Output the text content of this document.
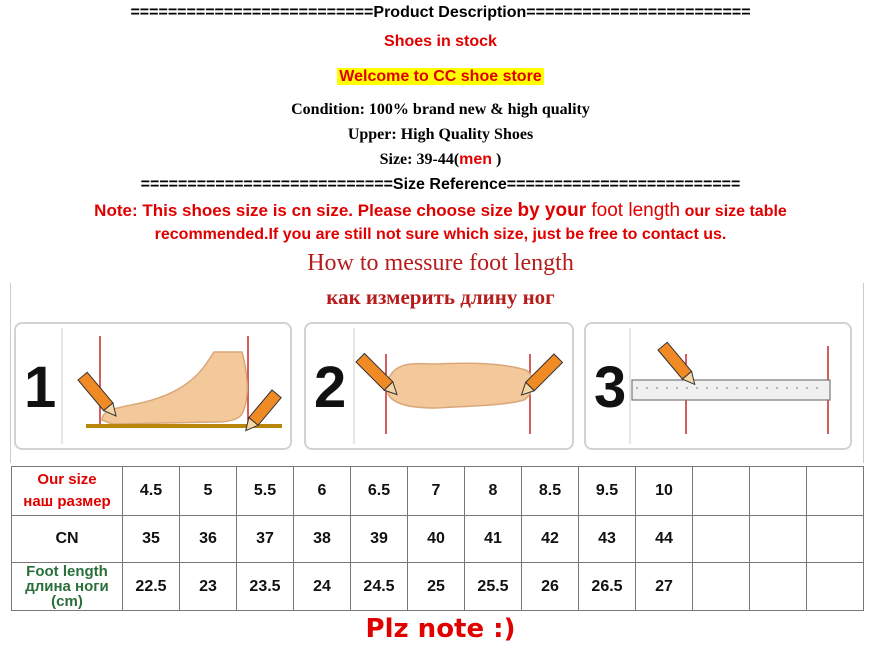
==========================Product Description========================
Shoes in stock
Welcome to CC shoe store
Condition: 100% brand new & high quality
Upper: High Quality Shoes
Size: 39-44(men )
===========================Size Reference=========================
Note: This shoes size is cn size. Please choose size by your foot length our size table
recommended.If you are still not sure which size, just be free to contact us.
How to messure foot length
как измерить длину ног
1	2	3
Our size
наш размер	4.5	5	5.5	6	6.5	7	8	8.5	9.5	10			
CN	35	36	37	38	39	40	41	42	43	44			

Foot length
длина ноги
(cm)	22.5	23	23.5	24	24.5	25	25.5	26	26.5	27			
Plz note :)
